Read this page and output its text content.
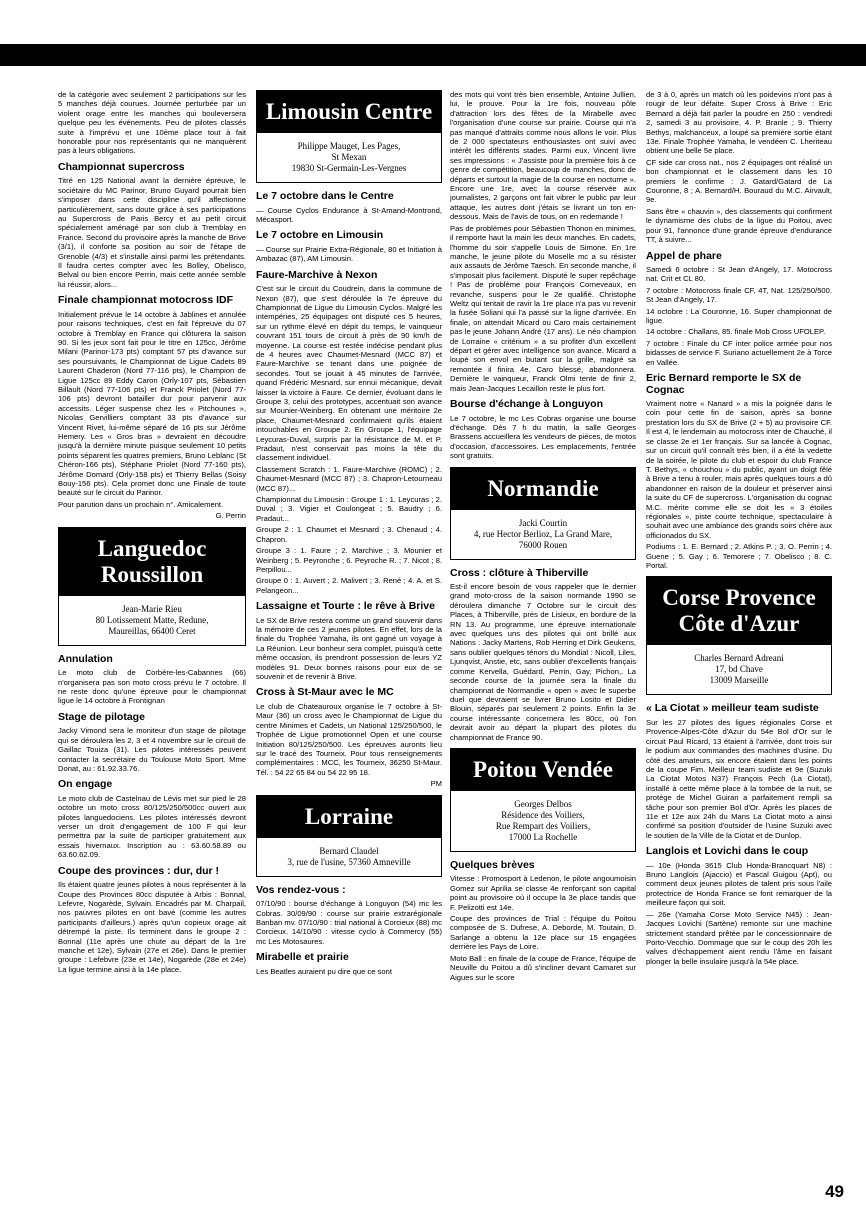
de la catégorie avec seulement 2 participations sur les 5 manches déjà courues. Journée perturbée par un violent orage entre les manches qui bouleversera quelque peu les événements. Peu de pilotes classés suite à l'imprévu et une 10ème place tout à fait honorable pour nos représentants qui ne manquèrent pas à leurs obligations.

Championnat supercross

Titré en 125 National avant la dernière épreuve, le sociétaire du MC Parinor, Bruno Guyard pourrait bien s'imposer dans cette discipline qu'il affectionne particulièrement, sans doute grâce à ses participations au Supercross de Paris Bercy et au petit circuit spécialement aménagé par son club à Tremblay en France. Second du provisoire après la manche de Brive (3/1), il conforte sa position au soir de l'étape de Grenoble (4/3) et s'installe ainsi parmi les prétendants. Il faudra certes compter avec les Bolley, Obelisco, Belval ou bien encore Perrin, mais cette année semble lui réussir, alors...

Finale championnat motocross IDF

Initialement prévue le 14 octobre à Jablines et annulée pour raisons techniques, c'est en fait l'épreuve du 07 octobre à Tremblay en France qui clôturera la saison 90. Si les jeux sont fait pour le titre en 125cc, Jérôme Milani (Parinor-173 pts) comptant 57 pts d'avance sur ses poursuivants, le Championnat de Ligue Cadets 89 Laurent Chaderon (Nord 77-116 pts), le Champion de Ligue 125cc 89 Eddy Caron (Orly-107 pts, Sébastien Billault (Nord 77-106 pts) et Franck Priolet (Nord 77-106 pts) devront batailler dur pour parvenir aux accessits. Léger suspense chez les « Pitchounes », Nicolas Gervilliers comptant 33 pts d'avance sur Vincent Rivet, lui-même séparé de 16 pts sur Jérôme Hemery. Les « Gros bras » devraient en découdre jusqu'à la dernière minute puisque seulement 10 petits points séparent les quatres premiers, Bruno Leblanc (St Chéron-166 pts), Stéphane Priolet (Nord 77-160 pts), Jérôme Domard (Orly-158 pts) et Thierry Bellas (Soisy Bouy-156 pts). Cela promet donc une Finale de toute beauté sur le circuit du Parinor.

Pour parution dans un prochain n°. Amicalement.

G. Perrin
Languedoc Roussillon
Jean-Marie Rieu
80 Lotissement Matte, Redune,
Maureillas, 66400 Ceret
Annulation

Le moto club de Corbère-les-Cabannes (66) n'organisera pas son moto cross prévu le 7 octobre. Il ne reste donc qu'une épreuve pour le championnat ligue le 14 octobre à Frontignan

Stage de pilotage

Jacky Vimond sera le moniteur d'un stage de pilotage qui se déroulera les 2, 3 et 4 novembre sur le circuit de Gaillac Touiza (31). Les pilotes intéressés peuvent contacter la secrétaire du Toulouse Moto Sport. Mme Donat, au : 61.92.33.76.

On engage

Le moto club de Castelnau de Lévis met sur pied le 28 octobre un moto cross 80/125/250/500cc ouvert aux pilotes languedociens. Les pilotes intéressés devront verser un droit d'engagement de 100 F qui leur permettra par la suite de participer gratuitement aux essais hivernaux. Inscription au : 63.60.58.89 ou 63.60.62.09.

Coupe des provinces : dur, dur !

Ils étaient quatre jeunes pilotes à nous représenter à la Coupe des Provinces 80cc disputée à Arbis : Bonnal, Lefevre, Nogarède, Sylvain. Encadrés par M. Charpail, nos pauvres pilotes en ont bavé (comme les autres participants d'ailleurs.) après qu'un copieux orage ait détrempé la piste. Ils terminent dans le groupe 2 : Bonnal (11e après une chute au départ de la 1re manche et 12e), Sylvain (27e et 26e). Dans le premier groupe : Lefebvre (23e et 14e), Nogarède (28e et 24e) La ligue termine ainsi à la 14e place.

Limousin Centre
Philippe Mauget, Les Pages,
St Mexan
19830 St-Germain-Les-Vergnes
Le 7 octobre dans le Centre

— Course Cyclos Endurance à St-Amand-Montrond, Mécasport.

Le 7 octobre en Limousin

— Course sur Prairie Extra-Régionale, 80 et Initiation à Ambazac (87), AM Limousin.

Faure-Marchive à Nexon

C'est sur le circuit du Coudrein, dans la commune de Nexon (87), que s'est déroulée la 7e épreuve du Championnat de Ligue du Limousin Cyclos. Malgré les intempéries, 25 équipages ont disputé ces 5 heures, sur un rythme élevé en dépit du temps, le vainqueur couvrant 151 tours de circuit à près de 90 km/h de moyenne. La course est restée indécise pendant plus de 4 heures avec Chaumet-Mesnard (MCC 87) et Faure-Marchive se tenant dans une poignée de secondes. Tout se jouait à 45 minutes de l'arrivée, quand Frédéric Mesnard, sur ennui mécanique, devait laisser la victoire à Faure. Ce dernier, évoluant dans le Groupe 3, celui des prototypes, accentuait son avance sur Mounier-Weinberg. En obtenant une méritoire 2e place, Chaumet-Mesnard confirmaient qu'ils étaient intouchables en Groupe 2. En Groupe 1, l'équipage Leycuras-Duval, surpris par la résistance de M. et P. Pradaut, n'est conservait pas moins la tête du classement individuel.

Classement Scratch : 1. Faure-Marchive (ROMC) ; 2. Chaumet-Mesnard (MCC 87) ; 3. Chapron-Letourneau (MCC 87)...

Championnat du Limousin : Groupe 1 : 1. Leycuras ; 2. Duval ; 3. Vigier et Coulongeat ; 5. Baudry ; 6. Pradaut...

Groupe 2 : 1. Chaumet et Mesnard ; 3. Chenaud ; 4. Chapron.

Groupe 3 : 1. Faure ; 2. Marchive ; 3. Mounier et Weinberg ; 5. Peyronche ; 6. Peyroche R. ; 7. Nicot ; 8. Perpillou...

Groupe 0 : 1. Auvert ; 2. Malivert ; 3. René ; 4. A. et S. Pelangeon...

Lassaigne et Tourte : le rêve à Brive

Le SX de Brive restera comme un grand souvenir dans la mémoire de ces 2 jeunes pilotes. En effet, lors de la finale du Trophée Yamaha, ils ont gagné un voyage à La Réunion. Leur bonheur sera complet, puisqu'à cette même occasion, ils prendront possession de leurs YZ modèles 91. Deux bonnes raisons pour eux de se souvenir et de revenir à Brive.

Cross à St-Maur avec le MC

Le club de Chateauroux organise le 7 octobre à St-Maur (36) un cross avec le Championnat de Ligue du centre Minimes et Cadets, un National 125/250/500, le Trophée de Ligue promotionnel Open et une course Initiation 80/125/250/500. Les épreuves auronts lieu sur le tracé des Tourneix. Pour tous renseignements complémentaires : MCC, les Tourneix, 36250 St-Maur. Tél. : 54 22 65 84 ou 54 22 95 18.

PM
Lorraine
Bernard Claudel
3, rue de l'usine, 57360 Amneville
Vos rendez-vous :

07/10/90 : bourse d'échange à Longuyon (54) mc les Cobras. 30/09/90 : course sur prairie extrarégionale Banban mv. 07/10/90 : trial national à Corcieux (88) mc Corcieux. 14/10/90 : vitesse cyclo à Commercy (55) mc Les Motosaures.

Mirabelle et prairie

Les Beatles auraient pu dire que ce sont

des mots qui vont très bien ensemble, Antoine Jullien, lui, le prouve. Pour la 1re fois, nouveau pôle d'attraction lors des fêtes de la Mirabelle avec l'organisation d'une course sur prairie. Course qui n'a pas manqué d'attraits comme nous allons le voir. Plus de 2 000 spectateurs enthousiastes ont suivi avec intérêt les différents stades. Parmi eux, Vincent livre ses impressions : « J'assiste pour la première fois à ce genre de compétition, beaucoup de manches, donc de départs et surtout la magie de la course en nocturne ». Encore une 1re, avec la course réservée aux journalistes, 2 garçons ont fait vibrer le public par leur attaque, les autres dont j'étais se livrant un ton en-dessous. Mais de l'avis de tous, on en redemande !

Pas de problèmes pour Sébastien Thonon en minimes, il remporte haut la main les deux manches. En cadets, l'homme du soir s'appelle Louis de Simone. En 1re manche, le jeune pilote du Moselle mc a su résister aux assauts de Jérôme Taesch. En seconde manche, il s'imposait plus facilement. Disputé le super repêchage ! Pas de problème pour François Corneveaux, en revanche, suspens pour le 2e qualifié. Christophe Weltz qui tentait de ravir la 1re place n'a pas vu revenir la fusée Soliani qui l'a passé sur la ligne d'arrivée. En finale, on attendait Micard ou Caro mais certainement pas le jeune Johann André (17 ans). Le néo champion de Lorraine « critérium » a su profiter d'un excellent départ et gérer avec intelligence son avance. Micard a loupé son envol en butant sur la grille, malgré sa remontée il finira 4e. Caro blessé, abandonnera. Dernière le vainqueur, Franck Olmi tente de finir 2, mais Jean-Jacques Lecaillon reste le plus fort.

Bourse d'échange à Longuyon

Le 7 octobre, le mc Les Cobras organise une bourse d'échange. Dès 7 h du matin, la salle Georges Brassens accueillera les vendeurs de pièces, de motos d'occasion, d'accessoires. Les emplacements, l'entrée sont gratuits.

Normandie
Jacki Courtin
4, rue Hector Berlioz, La Grand Mare,
76000 Rouen
Cross : clôture à Thiberville

Est-il encore besoin de vous rappeler que le dernier grand moto-cross de la saison normande 1990 se déroulera dimanche 7 Octobre sur le circuit des Places, à Thiberville, près de Lisieux, en bordure de la RN 13. Au programme, une épreuve internationale avec quelques uns des pilotes qui ont brillé aux Nations : Jacky Martens, Rob Herring et Dirk Geukens, sans oublier quelques ténors du Mondial : Nicoll, Liles, Ljunqvist, Anstie, etc, sans oublier d'excellents français comme Kervella, Guédard, Perrin, Gay, Pichon,. La seconde course de la journée sera la finale du championnat de Normandie « open » avec le superbe duel que devraient se livrer Bruno Losito et Didier Blouin, séparés par seulement 2 points. Enfin la 3e course intéressante concernera les 80cc, où l'on devrait avoir au départ la plupart des pilotes du championnat de France 90.

Poitou Vendée
Georges Delbos
Résidence des Voiliers,
Rue Rempart des Voiliers,
17000 La Rochelle
Quelques brèves

Vitesse : Promosport à Ledenon, le pilote angoumoisin Gomez sur Aprilia se classe 4e renforçant son capital point au provisoire où il occupe la 3e place tandis que F. Pelizotti est 14e.

Coupe des provinces de Trial : l'équipe du Poitou composée de S. Dufrese, A. Deborde, M. Toutain, D. Sarlange a obtenu la 12e place sur 15 engagées derrière les Pays de Loire.

Moto Ball : en finale de la coupe de France, l'équipe de Neuville du Poitou a dû s'incliner devant Camaret sur Aigues sur le score

de 3 à 0, après un match où les poidevins n'ont pas à rougir de leur défaite. Super Cross à Brive : Eric Bernard a déjà fait parler la poudre en 250 : vendredi 2, samedi 3 au provisoire, 4. P. Branle ; 9. Thierry Bethys, malchanceux, a loupé sa première sortie étant 13e. Finale Trophée Yamaha, le vendéen C. Lheriteau obtient une belle 5e place.

CF side car cross nat., nos 2 équipages ont réalisé un bon championnat et le classement dans les 10 premiers le confirme : J. Gatard/Gatard de La Couronne, 8 ; A. Bernard/H. Bouraud du M.C. Airvault, 9e.

Sans être « chauvin », des classements qui confirment le dynamisme des clubs de la ligue du Poitou, avec pour 91, l'annonce d'une grande épreuve d'endurance TT, à suivre...

Appel de phare

Samedi 6 octobre : St Jean d'Angely, 17. Motocross nat. Crit et CL 80.

7 octobre : Motocross finale CF, 4T, Nat. 125/250/500. St Jean d'Angely, 17.

14 octobre : La Couronne, 16. Super championnat de ligue.

14 octobre : Challans, 85. finale Mob Cross UFOLEP.

7 octobre : Finale du CF inter police armée pour nos bidasses de service F. Suriano actuellement 2e à Torce en Vallée.

Eric Bernard remporte le SX de Cognac

Vraiment notre « Nanard » a mis la poignée dans le coin pour cette fin de saison, après sa bonne prestation lors du SX de Brive (2 + 5) au provisoire CF. Il est 4, le lendemain au motocross inter de Chauché, il se classe 2e et 1er français. Sur sa lancée à Cognac, sur un circuit qu'il connaît très bien, il a été la vedette de la soirée, le pilote du club et espoir du club France T. Bethys, « chouchou » du public, ayant un doigt fêlé à Brive a tenu à rouler, mais après quelques tours a dû abandonner en raison de la douleur et préserver ainsi la suite du CF de supercross. L'organisation du cognac M.C. mérite comme elle se doit les « 3 étoiles régionales », piste courte technique, spectaculaire à souhait avec une ambiance des grands soirs chère aux officionados du SX.

Podiums : 1. E. Bernard ; 2. Atkins P. ; 3. O. Perrin ; 4. Guene ; 5. Gay ; 6. Temorere ; 7. Obelisco ; 8. C. Portal.

Corse Provence Côte d'Azur
Charles Bernard Adreani
17, bd Chave
13009 Marseille
« La Ciotat » meilleur team sudiste

Sur les 27 pilotes des ligues régionales Corse et Provence-Alpes-Côte d'Azur du 54e Bol d'Or sur le circuit Paul Ricard, 13 étaient à l'arrivée, dont trois sur le podium aux commandes des machines d'usine. Du côté des amateurs, six encore étaient dans les points de la coupe Fim. Meilleur team sudiste et 9e (Suzuki La Ciotat Motos N37) François Pech (La Ciotat), installé à cette même place à la tombée de la nuit, se protège de Michel Guiran a parfaitement rempli sa tâche pour son premier Bol d'Or. Après les places de 11e et 12e aux 24h du Mans La Ciotat moto a ainsi confirmé sa position d'outsider de l'usine Suzuki avec le soutien de la Ville de la Ciotat et de Dunlop.

Langlois et Lovichi dans le coup

— 10e (Honda 3615 Club Honda-Brancquart N8) : Bruno Langlois (Ajaccio) et Pascal Guigou (Apt), ou comment deux jeunes pilotes de talent pris sous l'aile protectrice de Honda France se font remarquer de la meilleure façon qui soit.

— 26e (Yamaha Corse Moto Service N45) : Jean-Jacques Lovichi (Sartène) remonte sur une machine strictement standard prêtée par le concessionnaire de Porto-Vecchio. Dommage que sur le coup des 20h les valves d'échappement aient rendu l'âme en faisant plonger la belle insulaire jusqu'à la 54e place.

49
